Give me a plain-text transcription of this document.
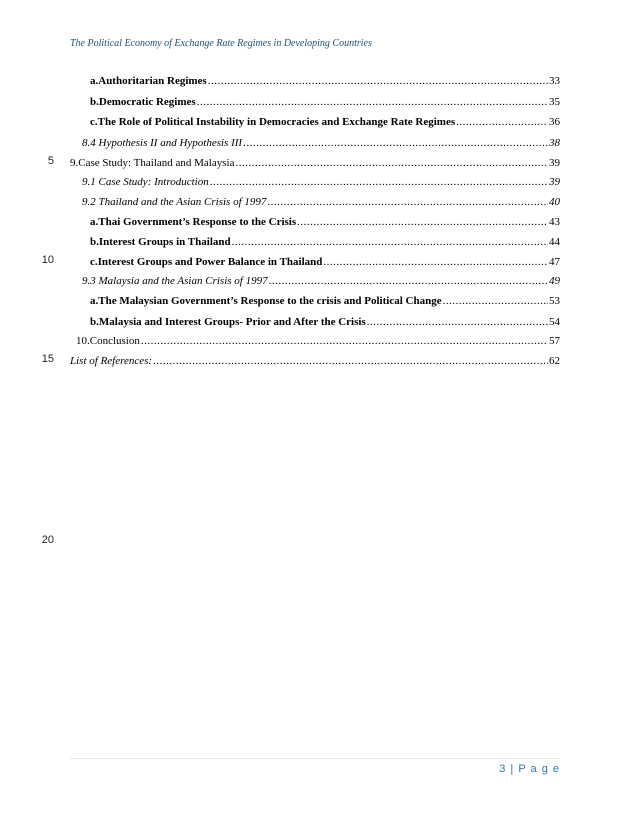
The Political Economy of Exchange Rate Regimes in Developing Countries
a. Authoritarian Regimes .....	33
b. Democratic Regimes .....	35
c. The Role of Political Instability in Democracies and Exchange Rate Regimes .....	36
8.4 Hypothesis II and Hypothesis III .....	38
9. Case Study: Thailand and Malaysia .....	39
9.1 Case Study: Introduction .....	39
9.2 Thailand and the Asian Crisis of 1997 .....	40
a. Thai Government’s Response to the Crisis .....	43
b. Interest Groups in Thailand .....	44
c. Interest Groups and Power Balance in Thailand .....	47
9.3 Malaysia and the Asian Crisis of 1997 .....	49
a. The Malaysian Government’s Response to the crisis and Political Change .....	53
b. Malaysia and Interest Groups- Prior and After the Crisis .....	54
10. Conclusion .....	57
List of References: .....	62
5
10
15
20
3 | P a g e
